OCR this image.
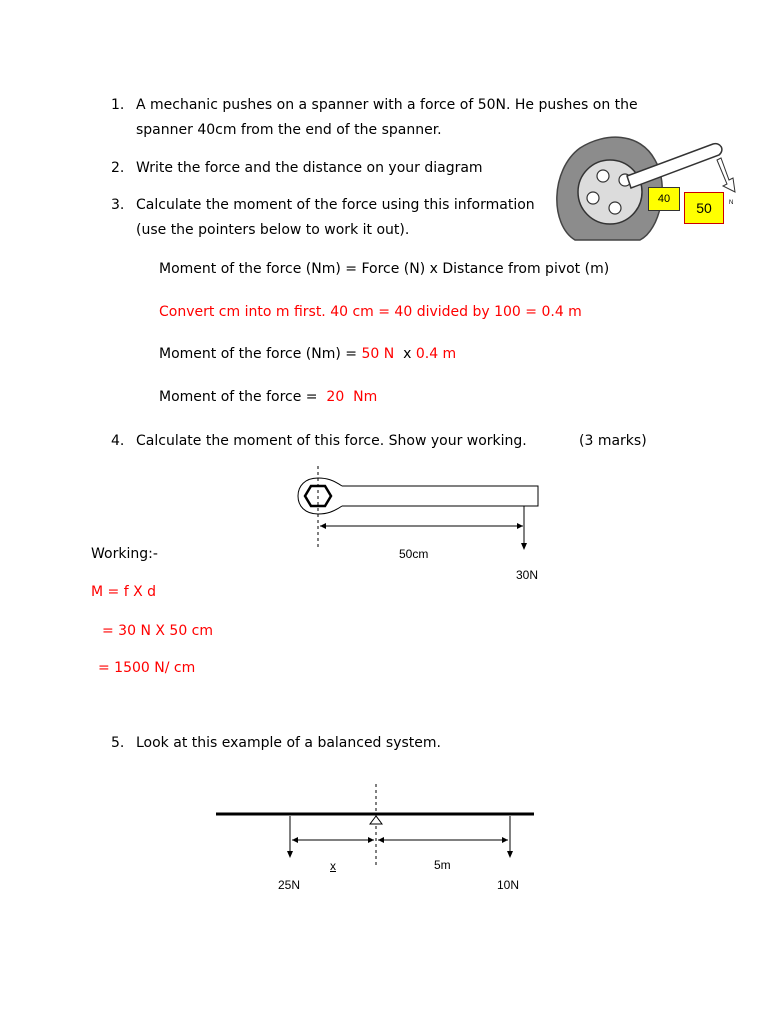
1. A mechanic pushes on a spanner with a force of 50N. He pushes on the
spanner 40cm from the end of the spanner.
2. Write the force and the distance on your diagram
3. Calculate the moment of the force using this information
(use the pointers below to work it out).
40
50	N
Moment of the force (Nm) = Force (N) x Distance from pivot (m)
Convert cm into m first. 40 cm = 40 divided by 100 = 0.4 m
Moment of the force (Nm) = 50 N  x 0.4 m
Moment of the force =  20  Nm
4. Calculate the moment of this force. Show your working.	(3 marks)
50cm
30N
Working:-
M = f X d
= 30 N X 50 cm
= 1500 N/ cm
5. Look at this example of a balanced system.
x	5m
25N	10N
